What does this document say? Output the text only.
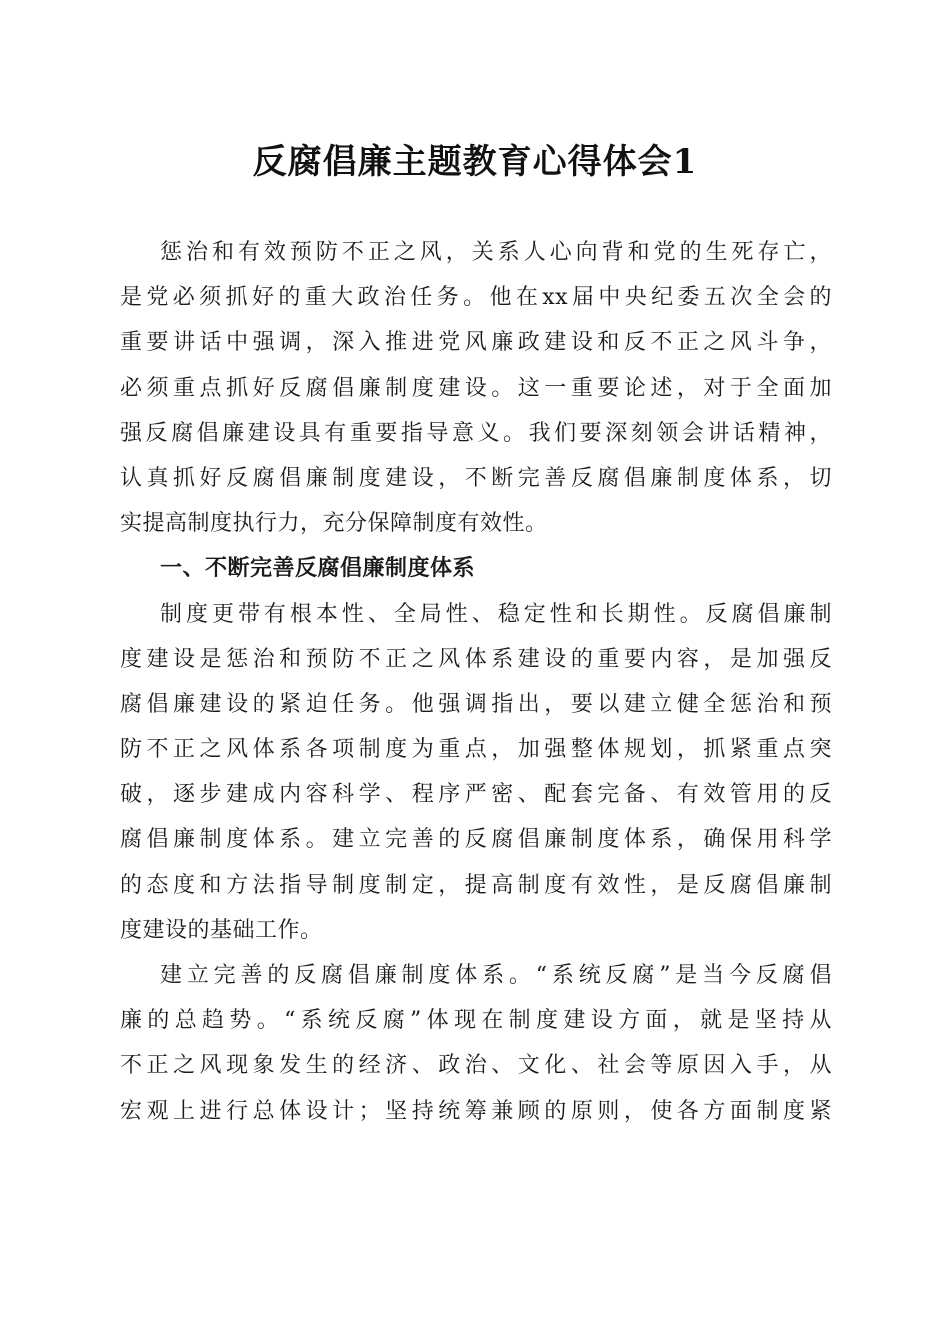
反腐倡廉主题教育心得体会1
惩治和有效预防不正之风，关系人心向背和党的生死存亡，
是党必须抓好的重大政治任务。他在xx届中央纪委五次全会的
重要讲话中强调，深入推进党风廉政建设和反不正之风斗争，
必须重点抓好反腐倡廉制度建设。这一重要论述，对于全面加
强反腐倡廉建设具有重要指导意义。我们要深刻领会讲话精神，
认真抓好反腐倡廉制度建设，不断完善反腐倡廉制度体系，切
实提高制度执行力，充分保障制度有效性。
一、不断完善反腐倡廉制度体系
制度更带有根本性、全局性、稳定性和长期性。反腐倡廉制
度建设是惩治和预防不正之风体系建设的重要内容，是加强反
腐倡廉建设的紧迫任务。他强调指出，要以建立健全惩治和预
防不正之风体系各项制度为重点，加强整体规划，抓紧重点突
破，逐步建成内容科学、程序严密、配套完备、有效管用的反
腐倡廉制度体系。建立完善的反腐倡廉制度体系，确保用科学
的态度和方法指导制度制定，提高制度有效性，是反腐倡廉制
度建设的基础工作。
建立完善的反腐倡廉制度体系。“系统反腐”是当今反腐倡
廉的总趋势。“系统反腐”体现在制度建设方面，就是坚持从
不正之风现象发生的经济、政治、文化、社会等原因入手，从
宏观上进行总体设计；坚持统筹兼顾的原则，使各方面制度紧
